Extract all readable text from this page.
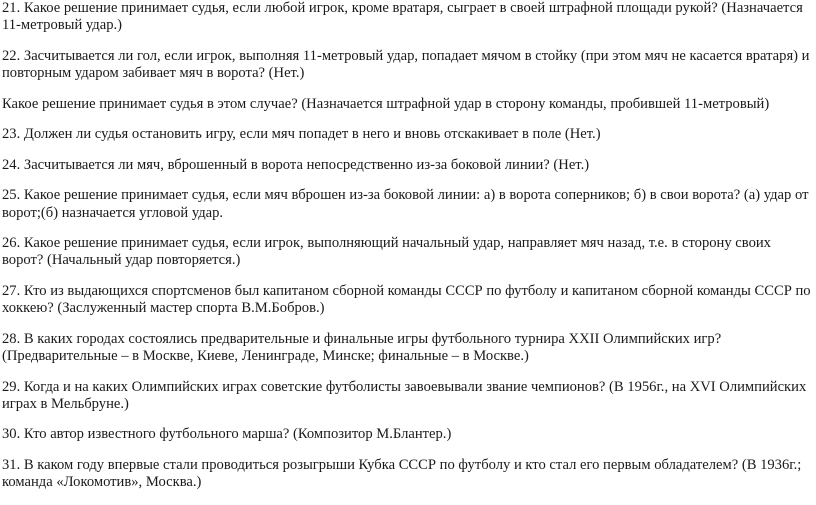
21. Какое решение принимает судья, если любой игрок, кроме вратаря, сыграет в своей штрафной площади рукой? (Назначается 11-метровый удар.)

22. Засчитывается ли гол, если игрок, выполняя 11-метровый удар, попадает мячом в стойку (при этом мяч не касается вратаря) и повторным ударом забивает мяч в ворота? (Нет.)

Какое решение принимает судья в этом случае? (Назначается штрафной удар в сторону команды, пробившей 11-метровый)

23. Должен ли судья остановить игру, если мяч попадет в него и вновь отскакивает в поле (Нет.)

24. Засчитывается ли мяч, вброшенный в ворота непосредственно из-за боковой линии? (Нет.)

25. Какое решение принимает судья, если мяч вброшен из-за боковой линии: а) в ворота соперников; б) в свои ворота? (а) удар от ворот;(б) назначается угловой удар.

26. Какое решение принимает судья, если игрок, выполняющий начальный удар, направляет мяч назад, т.е. в сторону своих ворот? (Начальный удар повторяется.)

27. Кто из выдающихся спортсменов был капитаном сборной команды СССР по футболу и капитаном сборной команды СССР по хоккею? (Заслуженный мастер спорта В.М.Бобров.)

28. В каких городах состоялись предварительные и финальные игры футбольного турнира XXII Олимпийских игр? (Предварительные – в Москве, Киеве, Ленинграде, Минске; финальные – в Москве.)

29. Когда и на каких Олимпийских играх советские футболисты завоевывали звание чемпионов? (В 1956г., на XVI Олимпийских играх в Мельбруне.)

30. Кто автор известного футбольного марша? (Композитор М.Блантер.)

31. В каком году впервые стали проводиться розыгрыши Кубка СССР по футболу и кто стал его первым обладателем? (В 1936г.; команда «Локомотив», Москва.)
